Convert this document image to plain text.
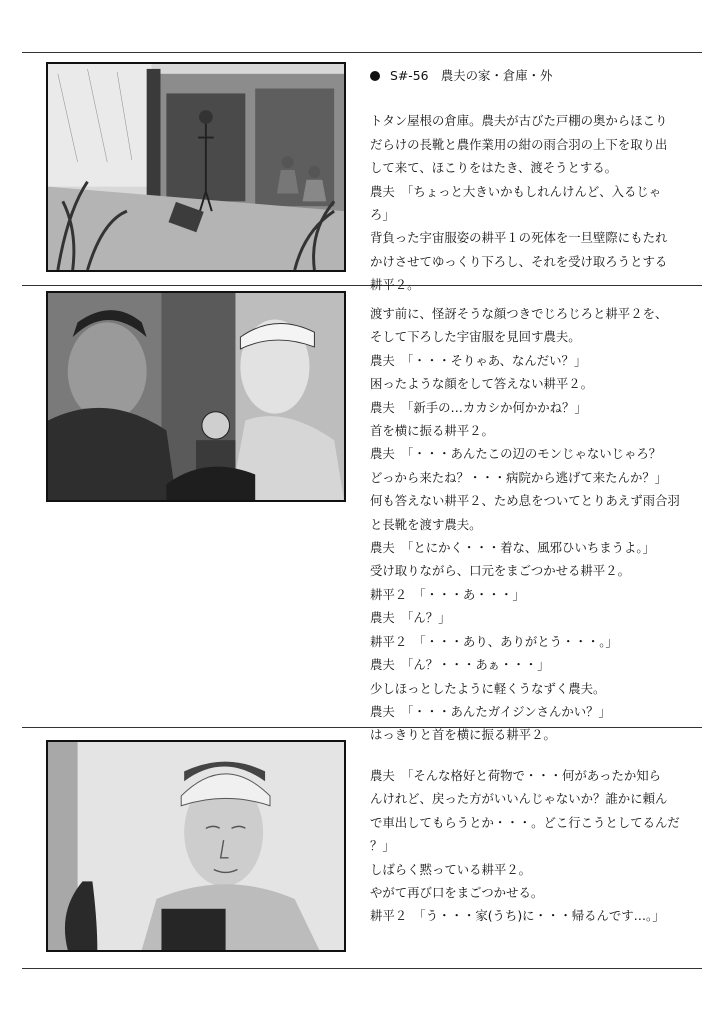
S#-56　農夫の家・倉庫・外

トタン屋根の倉庫。農夫が古びた戸棚の奥からほこり

だらけの長靴と農作業用の紺の雨合羽の上下を取り出

して来て、ほこりをはたき、渡そうとする。

農夫　「ちょっと大きいかもしれんけんど、入るじゃ

ろ」

背負った宇宙服姿の耕平１の死体を一旦壁際にもたれ

かけさせてゆっくり下ろし、それを受け取ろうとする

耕平２。

渡す前に、怪訝そうな顔つきでじろじろと耕平２を、

そして下ろした宇宙服を見回す農夫。

農夫　「・・・そりゃあ、なんだい？」

困ったような顔をして答えない耕平２。

農夫　「新手の…カカシか何かかね？」

首を横に振る耕平２。

農夫　「・・・あんたこの辺のモンじゃないじゃろ？

どっから来たね？・・・病院から逃げて来たんか？」

何も答えない耕平２、ため息をついてとりあえず雨合羽

と長靴を渡す農夫。

農夫　「とにかく・・・着な、風邪ひいちまうよ。」

受け取りながら、口元をまごつかせる耕平２。

耕平２　「・・・あ・・・」

農夫　「ん？」

耕平２　「・・・あり、ありがとう・・・。」

農夫　「ん？・・・あぁ・・・」

少しほっとしたように軽くうなずく農夫。

農夫　「・・・あんたガイジンさんかい？」

はっきりと首を横に振る耕平２。

農夫　「そんな格好と荷物で・・・何があったか知ら

んけれど、戻った方がいいんじゃないか？誰かに頼ん

で車出してもらうとか・・・。どこ行こうとしてるんだ

？」

しばらく黙っている耕平２。

やがて再び口をまごつかせる。

耕平２　「う・・・家(うち)に・・・帰るんです…。」
